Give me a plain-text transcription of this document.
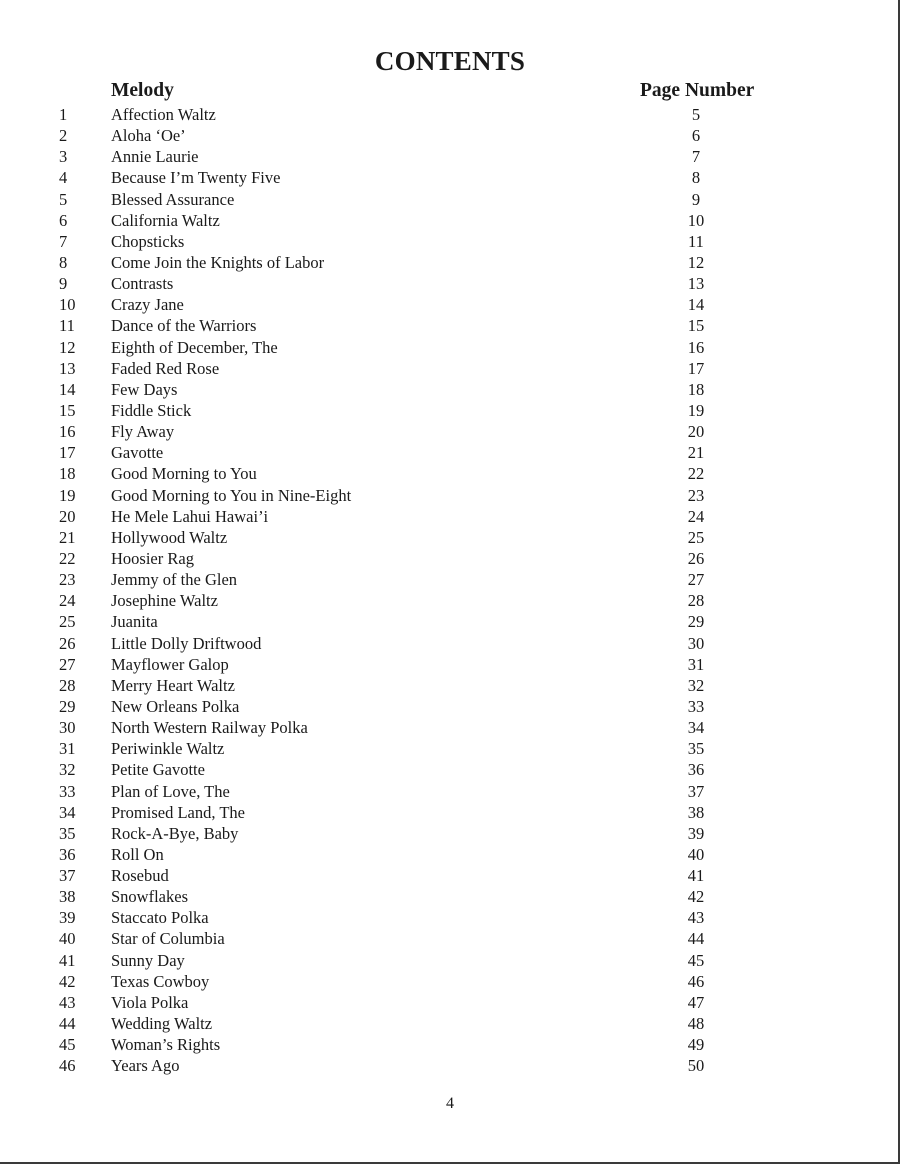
CONTENTS
Melody	Page Number
1	Affection Waltz	5
2	Aloha ‘Oe’	6
3	Annie Laurie	7
4	Because I’m Twenty Five	8
5	Blessed Assurance	9
6	California Waltz	10
7	Chopsticks	11
8	Come Join the Knights of Labor	12
9	Contrasts	13
10 Crazy Jane	14
11 Dance of the Warriors	15
12 Eighth of December, The	16
13 Faded Red Rose	17
14 Few Days	18
15 Fiddle Stick	19
16 Fly Away	20
17 Gavotte	21
18 Good Morning to You	22
19 Good Morning to You in Nine-Eight	23
20 He Mele Lahui Hawai’i	24
21 Hollywood Waltz	25
22 Hoosier Rag	26
23 Jemmy of the Glen	27
24 Josephine Waltz	28
25 Juanita	29
26 Little Dolly Driftwood	30
27 Mayflower Galop	31
28 Merry Heart Waltz	32
29 New Orleans Polka	33
30 North Western Railway Polka	34
31 Periwinkle Waltz	35
32 Petite Gavotte	36
33 Plan of Love, The	37
34 Promised Land, The	38
35 Rock-A-Bye, Baby	39
36 Roll On	40
37 Rosebud	41
38 Snowflakes	42
39 Staccato Polka	43
40 Star of Columbia	44
41 Sunny Day	45
42 Texas Cowboy	46
43 Viola Polka	47
44 Wedding Waltz	48
45 Woman’s Rights	49
46 Years Ago	50
4
